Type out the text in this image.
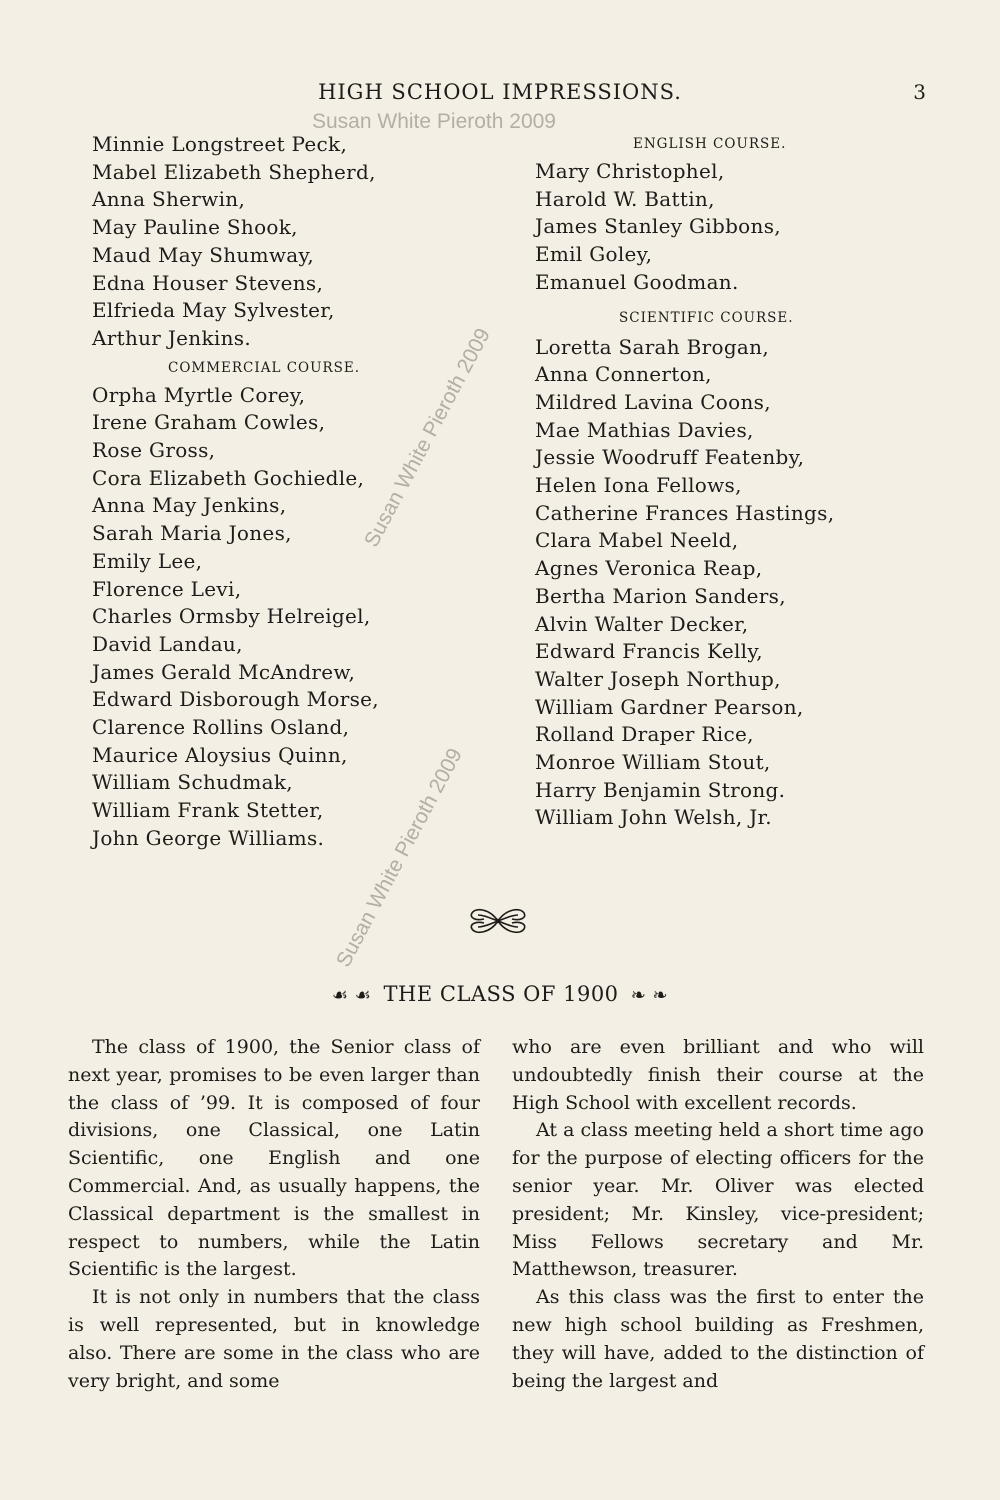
HIGH SCHOOL IMPRESSIONS.	3
Susan White Pieroth 2009
Susan White Pieroth 2009
Susan White Pieroth 2009
Minnie Longstreet Peck,
Mabel Elizabeth Shepherd,
Anna Sherwin,
May Pauline Shook,
Maud May Shumway,
Edna Houser Stevens,
Elfrieda May Sylvester,
Arthur Jenkins.
COMMERCIAL COURSE.
Orpha Myrtle Corey,
Irene Graham Cowles,
Rose Gross,
Cora Elizabeth Gochiedle,
Anna May Jenkins,
Sarah Maria Jones,
Emily Lee,
Florence Levi,
Charles Ormsby Helreigel,
David Landau,
James Gerald McAndrew,
Edward Disborough Morse,
Clarence Rollins Osland,
Maurice Aloysius Quinn,
William Schudmak,
William Frank Stetter,
John George Williams.
ENGLISH COURSE.
Mary Christophel,
Harold W. Battin,
James Stanley Gibbons,
Emil Goley,
Emanuel Goodman.
SCIENTIFIC COURSE.
Loretta Sarah Brogan,
Anna Connerton,
Mildred Lavina Coons,
Mae Mathias Davies,
Jessie Woodruff Featenby,
Helen Iona Fellows,
Catherine Frances Hastings,
Clara Mabel Neeld,
Agnes Veronica Reap,
Bertha Marion Sanders,
Alvin Walter Decker,
Edward Francis Kelly,
Walter Joseph Northup,
William Gardner Pearson,
Rolland Draper Rice,
Monroe William Stout,
Harry Benjamin Strong.
William John Welsh, Jr.
☙ ☙ THE CLASS OF 1900 ❧ ❧

The class of 1900, the Senior class of next year, promises to be even larger than the class of ’99. It is composed of four divisions, one Classical, one Latin Scientific, one English and one Commercial. And, as usually happens, the Classical department is the smallest in respect to numbers, while the Latin Scientific is the largest.

It is not only in numbers that the class is well represented, but in knowledge also. There are some in the class who are very bright, and some

who are even brilliant and who will undoubtedly finish their course at the High School with excellent records.

At a class meeting held a short time ago for the purpose of electing officers for the senior year. Mr. Oliver was elected president; Mr. Kinsley, vice-president; Miss Fellows secretary and Mr. Matthewson, treasurer.

As this class was the first to enter the new high school building as Freshmen, they will have, added to the distinction of being the largest and
